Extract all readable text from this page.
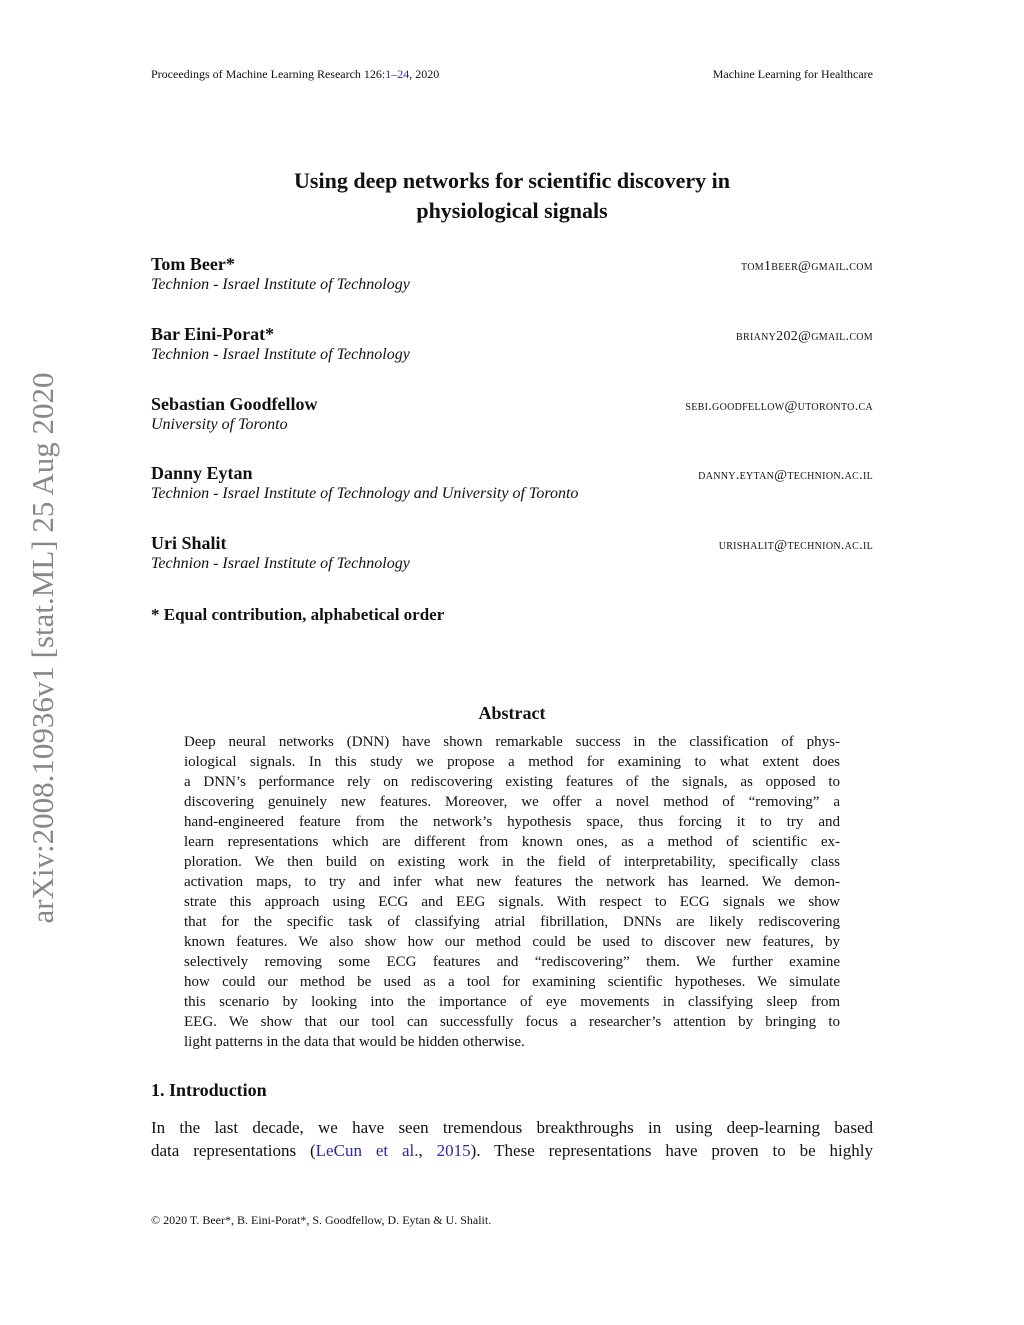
Proceedings of Machine Learning Research 126:1–24, 2020	Machine Learning for Healthcare
Using deep networks for scientific discovery in
physiological signals
Tom Beer*	tom1beer@gmail.com
Technion - Israel Institute of Technology
Bar Eini-Porat*	briany202@gmail.com
Technion - Israel Institute of Technology
Sebastian Goodfellow	sebi.goodfellow@utoronto.ca
University of Toronto
Danny Eytan	danny.eytan@technion.ac.il
Technion - Israel Institute of Technology and University of Toronto
Uri Shalit	urishalit@technion.ac.il
Technion - Israel Institute of Technology
* Equal contribution, alphabetical order
Abstract
Deep neural networks (DNN) have shown remarkable success in the classification of phys-
iological signals. In this study we propose a method for examining to what extent does
a DNN’s performance rely on rediscovering existing features of the signals, as opposed to
discovering genuinely new features. Moreover, we offer a novel method of “removing” a
hand-engineered feature from the network’s hypothesis space, thus forcing it to try and
learn representations which are different from known ones, as a method of scientific ex-
ploration. We then build on existing work in the field of interpretability, specifically class
activation maps, to try and infer what new features the network has learned. We demon-
strate this approach using ECG and EEG signals. With respect to ECG signals we show
that for the specific task of classifying atrial fibrillation, DNNs are likely rediscovering
known features. We also show how our method could be used to discover new features, by
selectively removing some ECG features and “rediscovering” them. We further examine
how could our method be used as a tool for examining scientific hypotheses. We simulate
this scenario by looking into the importance of eye movements in classifying sleep from
EEG. We show that our tool can successfully focus a researcher’s attention by bringing to
light patterns in the data that would be hidden otherwise.
1. Introduction
In the last decade, we have seen tremendous breakthroughs in using deep-learning based
data representations (LeCun et al., 2015). These representations have proven to be highly
© 2020 T. Beer*, B. Eini-Porat*, S. Goodfellow, D. Eytan & U. Shalit.
arXiv:2008.10936v1 [stat.ML] 25 Aug 2020
